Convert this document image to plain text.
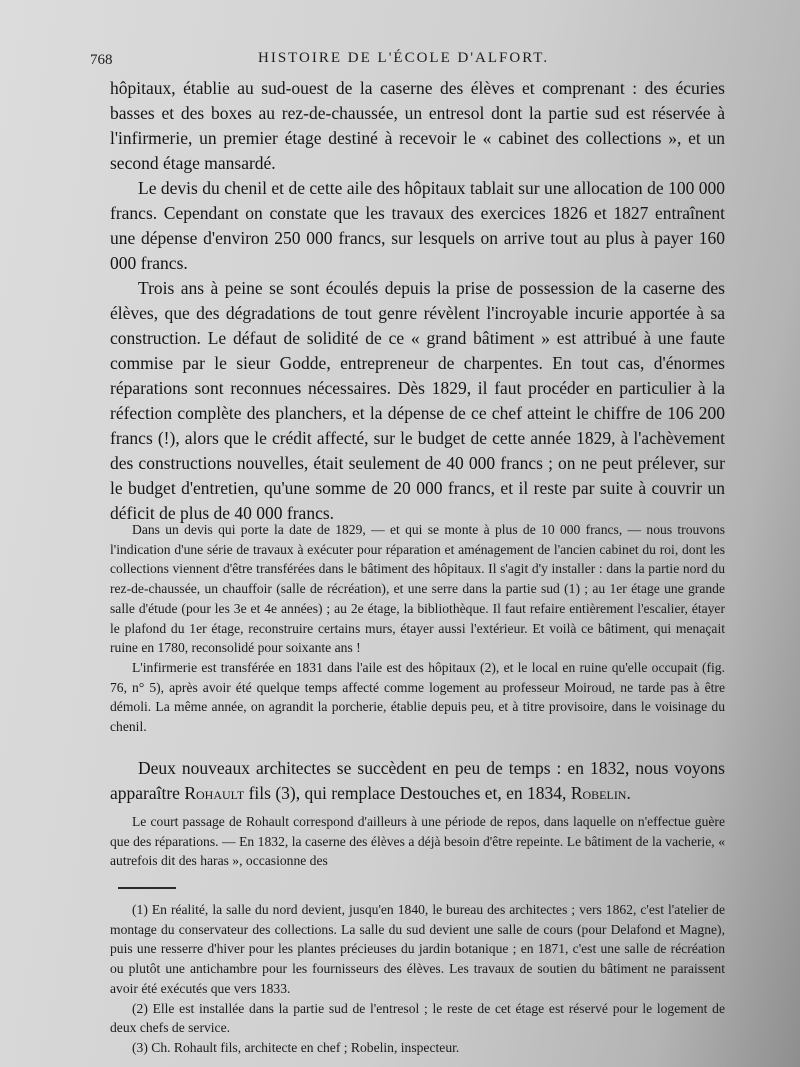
768	HISTOIRE DE L'ÉCOLE D'ALFORT.

hôpitaux, établie au sud-ouest de la caserne des élèves et comprenant : des écuries basses et des boxes au rez-de-chaussée, un entresol dont la partie sud est réservée à l'infirmerie, un premier étage destiné à recevoir le « cabinet des collections », et un second étage mansardé.

Le devis du chenil et de cette aile des hôpitaux tablait sur une allocation de 100 000 francs. Cependant on constate que les travaux des exercices 1826 et 1827 entraînent une dépense d'environ 250 000 francs, sur lesquels on arrive tout au plus à payer 160 000 francs.

Trois ans à peine se sont écoulés depuis la prise de possession de la caserne des élèves, que des dégradations de tout genre révèlent l'incroyable incurie apportée à sa construction. Le défaut de solidité de ce « grand bâtiment » est attribué à une faute commise par le sieur Godde, entrepreneur de charpentes. En tout cas, d'énormes réparations sont reconnues nécessaires. Dès 1829, il faut procéder en particulier à la réfection complète des planchers, et la dépense de ce chef atteint le chiffre de 106 200 francs (!), alors que le crédit affecté, sur le budget de cette année 1829, à l'achèvement des constructions nouvelles, était seulement de 40 000 francs ; on ne peut prélever, sur le budget d'entretien, qu'une somme de 20 000 francs, et il reste par suite à couvrir un déficit de plus de 40 000 francs.

Dans un devis qui porte la date de 1829, — et qui se monte à plus de 10 000 francs, — nous trouvons l'indication d'une série de travaux à exécuter pour réparation et aménagement de l'ancien cabinet du roi, dont les collections viennent d'être transférées dans le bâtiment des hôpitaux. Il s'agit d'y installer : dans la partie nord du rez-de-chaussée, un chauffoir (salle de récréation), et une serre dans la partie sud (1) ; au 1er étage une grande salle d'étude (pour les 3e et 4e années) ; au 2e étage, la bibliothèque. Il faut refaire entièrement l'escalier, étayer le plafond du 1er étage, reconstruire certains murs, étayer aussi l'extérieur. Et voilà ce bâtiment, qui menaçait ruine en 1780, reconsolidé pour soixante ans !

L'infirmerie est transférée en 1831 dans l'aile est des hôpitaux (2), et le local en ruine qu'elle occupait (fig. 76, n° 5), après avoir été quelque temps affecté comme logement au professeur Moiroud, ne tarde pas à être démoli. La même année, on agrandit la porcherie, établie depuis peu, et à titre provisoire, dans le voisinage du chenil.

Deux nouveaux architectes se succèdent en peu de temps : en 1832, nous voyons apparaître Rohault fils (3), qui remplace Destouches et, en 1834, Robelin.

Le court passage de Rohault correspond d'ailleurs à une période de repos, dans laquelle on n'effectue guère que des réparations. — En 1832, la caserne des élèves a déjà besoin d'être repeinte. Le bâtiment de la vacherie, « autrefois dit des haras », occasionne des

(1) En réalité, la salle du nord devient, jusqu'en 1840, le bureau des architectes ; vers 1862, c'est l'atelier de montage du conservateur des collections. La salle du sud devient une salle de cours (pour Delafond et Magne), puis une resserre d'hiver pour les plantes précieuses du jardin botanique ; en 1871, c'est une salle de récréation ou plutôt une antichambre pour les fournisseurs des élèves. Les travaux de soutien du bâtiment ne paraissent avoir été exécutés que vers 1833.

(2) Elle est installée dans la partie sud de l'entresol ; le reste de cet étage est réservé pour le logement de deux chefs de service.

(3) Ch. Rohault fils, architecte en chef ; Robelin, inspecteur.
